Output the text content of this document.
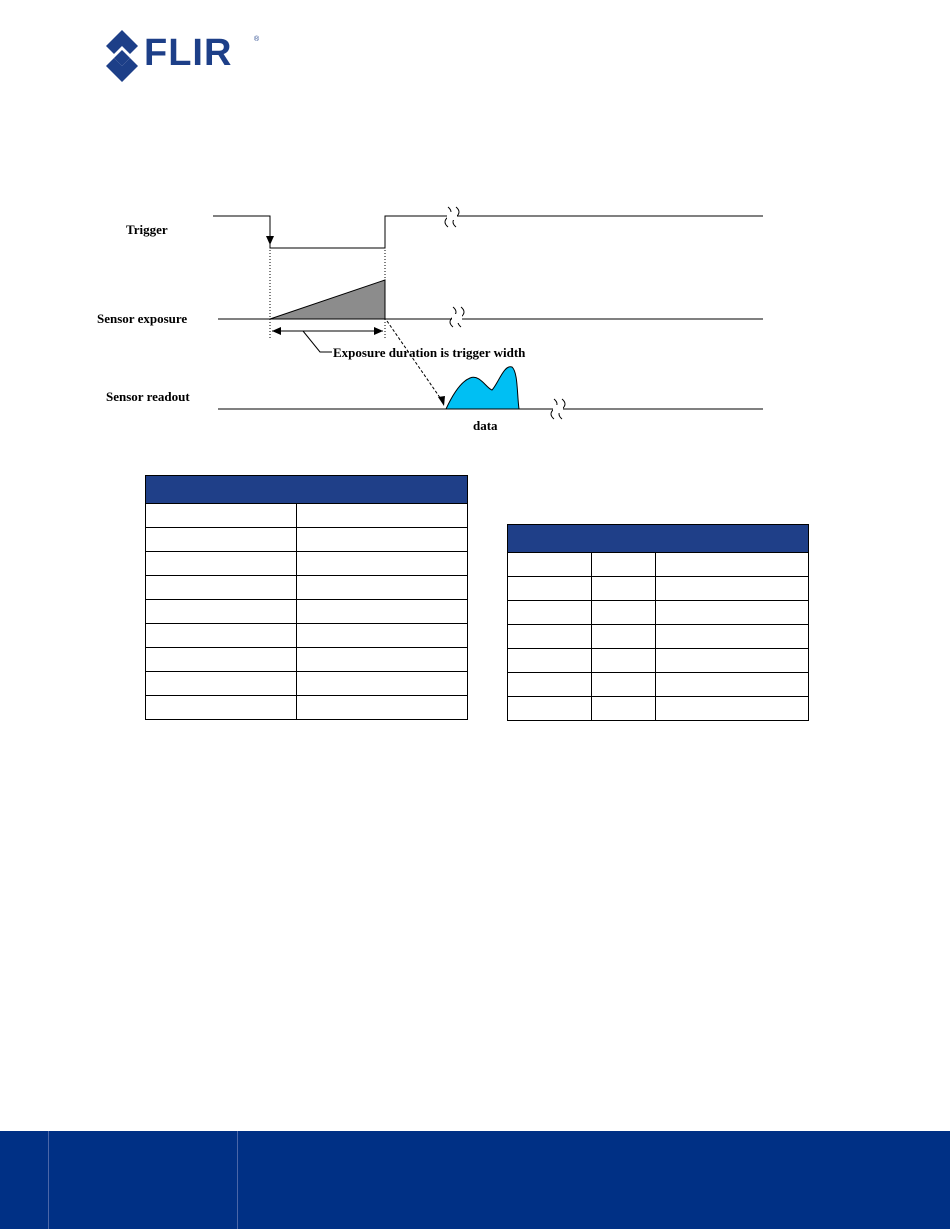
FLIR	®
Trigger
Sensor exposure
Sensor readout
Exposure duration is trigger width
data
